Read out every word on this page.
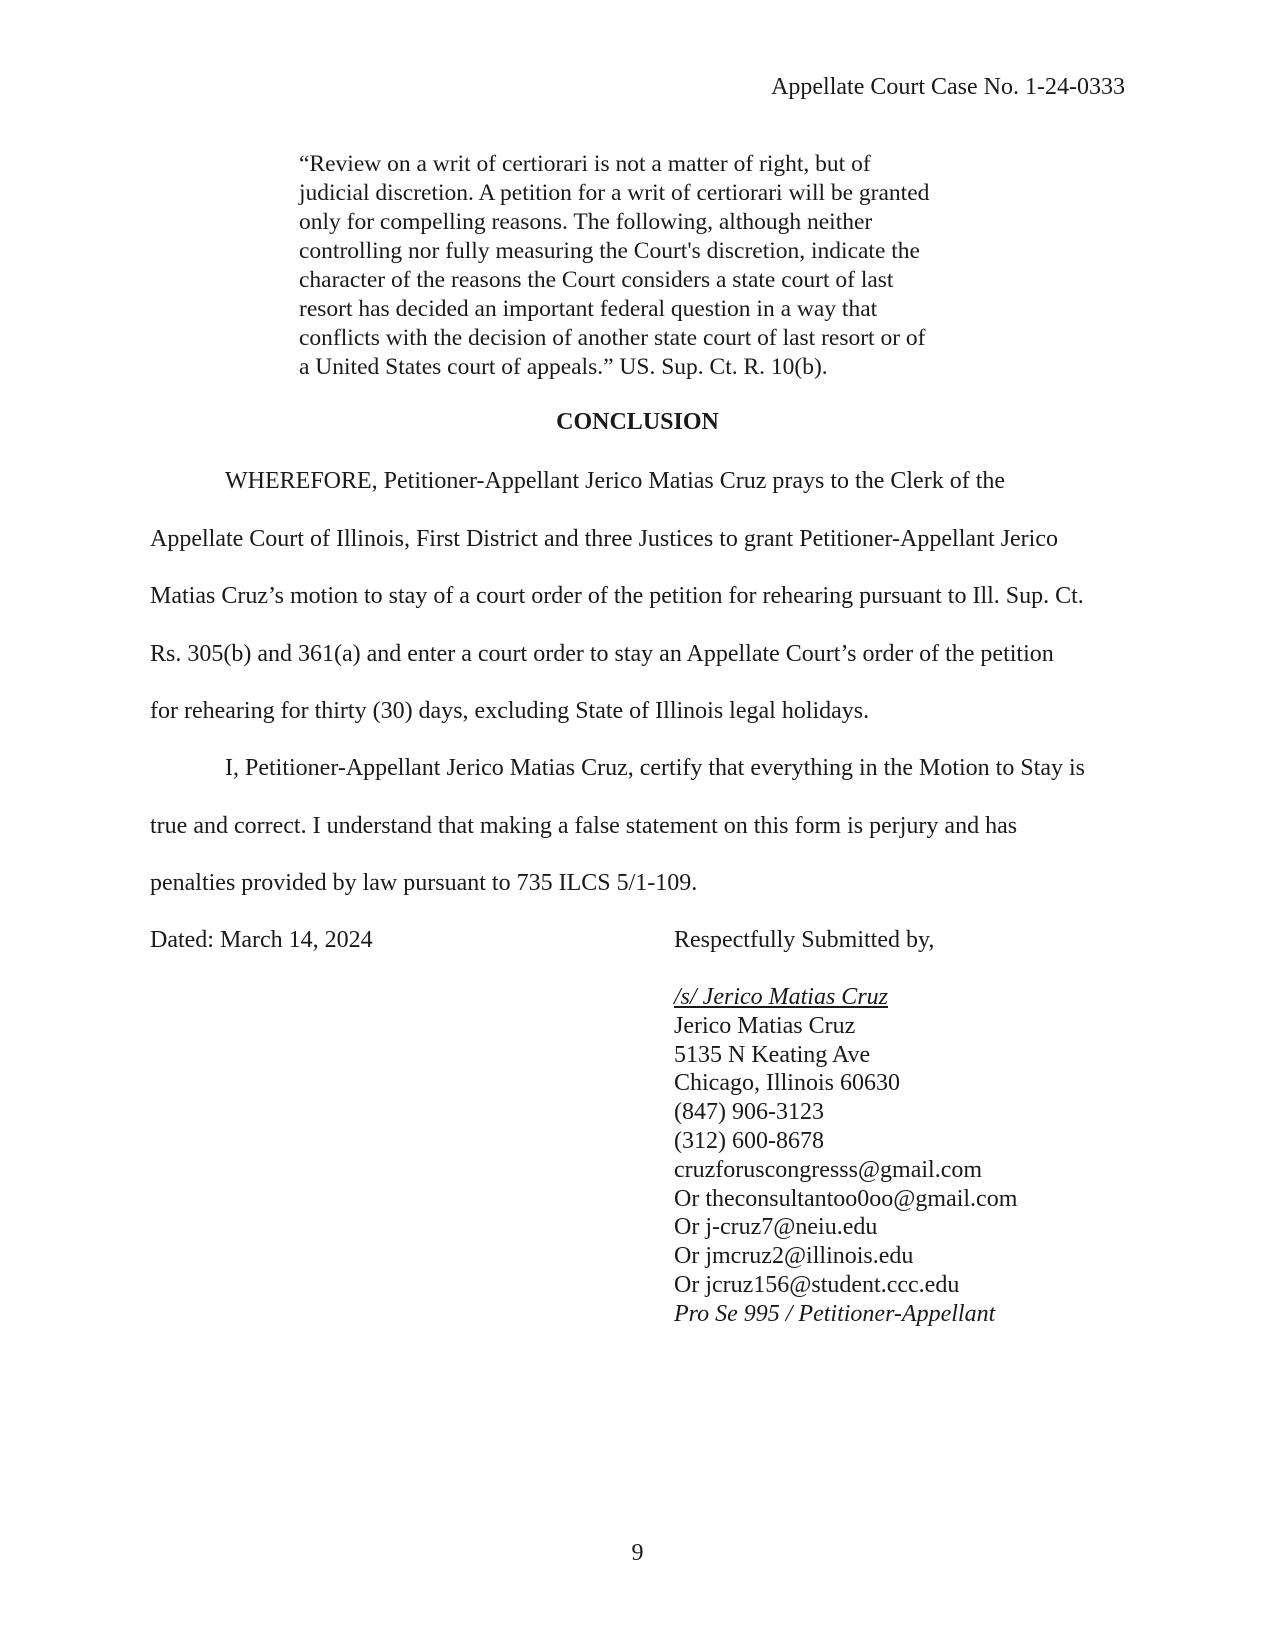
Appellate Court Case No. 1-24-0333
“Review on a writ of certiorari is not a matter of right, but of
judicial discretion. A petition for a writ of certiorari will be granted
only for compelling reasons. The following, although neither
controlling nor fully measuring the Court's discretion, indicate the
character of the reasons the Court considers a state court of last
resort has decided an important federal question in a way that
conflicts with the decision of another state court of last resort or of
a United States court of appeals.” US. Sup. Ct. R. 10(b).
CONCLUSION
WHEREFORE, Petitioner-Appellant Jerico Matias Cruz prays to the Clerk of the
Appellate Court of Illinois, First District and three Justices to grant Petitioner-Appellant Jerico
Matias Cruz’s motion to stay of a court order of the petition for rehearing pursuant to Ill. Sup. Ct.
Rs. 305(b) and 361(a) and enter a court order to stay an Appellate Court’s order of the petition
for rehearing for thirty (30) days, excluding State of Illinois legal holidays.
I, Petitioner-Appellant Jerico Matias Cruz, certify that everything in the Motion to Stay is
true and correct. I understand that making a false statement on this form is perjury and has
penalties provided by law pursuant to 735 ILCS 5/1-109.
Dated: March 14, 2024	Respectfully Submitted by,
/s/ Jerico Matias Cruz
Jerico Matias Cruz
5135 N Keating Ave
Chicago, Illinois 60630
(847) 906-3123
(312) 600-8678
cruzforuscongresss@gmail.com
Or theconsultantoo0oo@gmail.com
Or j-cruz7@neiu.edu
Or jmcruz2@illinois.edu
Or jcruz156@student.ccc.edu
Pro Se 995 / Petitioner-Appellant
9
